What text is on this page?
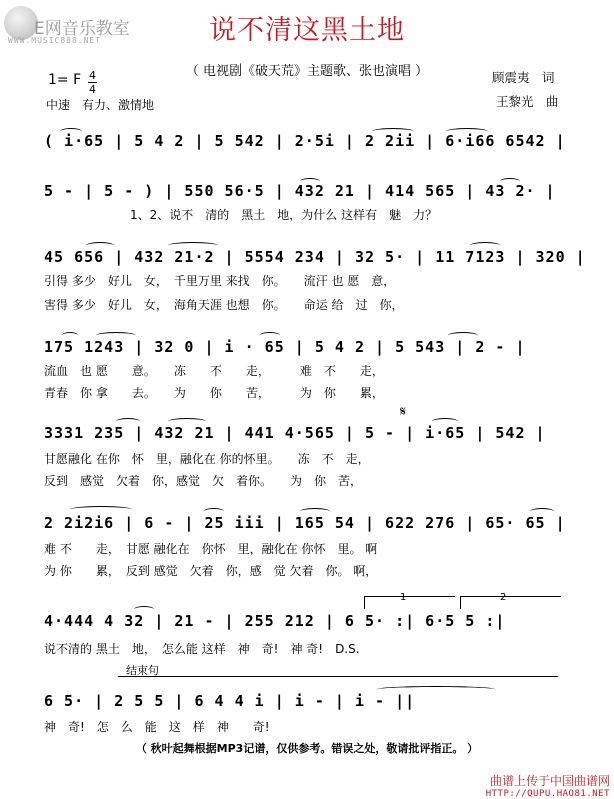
E网音乐教室
WWW.MUSIC888.NET	说不清这黑土地
（ 电视剧《破天荒》主题歌、张也演唱 ）	顾震夷　词
王黎光　曲
1= F 4
4
中速　有力、激情地
( i·65 | 5 4 2 | 5 542 | 2·5i | 2 2ii | 6·i66 6542 |
5 - | 5 - ) | 550 56·5 | 432 21 | 414 565 | 43 2· |
1、2、说不　清的　黑土　地，为什么 这样有　魅　力？
45 656 | 432 21·2 | 5554 234 | 32 5· | 11 7123 | 320 |
引得 多少　好儿　女，　千里万里 来找　你。　　流汗 也 愿　意，
害得 多少　好儿　女，　海角天涯 也想　你。　　命运 给　过　你，
175 1243 | 32 0 | i · 65 | 5 4 2 | 5 543 | 2 - |
流血　也 愿　　意。　　冻　　不　　走，　　　难　不　　走，
青春　你 拿　　去。　　为　　你　　苦，　　　为　你　　累，
𝄋
3331 235 | 432 21 | 441 4·565 | 5 - | i·65 | 542 |
甘愿融化 在你　怀　里，融化在 你的怀里。　　冻　不　走，
反到　感觉　欠着　你，感觉　欠　着你。　　为　你　苦，
2 2i2i6 | 6 - | 25 iii | 165 54 | 622 276 | 65· 65 |
难 不　　走，　甘愿 融化在　你怀　里，融化在 你怀　里。 啊
为 你　　累，　反到 感觉　欠着　你，感　觉 欠着　你。 啊，
1	2
4·444 4 32 | 21 - | 255 212 | 6 5· :| 6·5 5 :|
说不清的 黑土　地，　怎么能 这样　神　奇!　神 奇!　D.S.
结束句
6 5· | 2 5 5 | 6 4 4 i | i - | i - ||
神　奇!　怎　么　能　这　样　神　　奇!
（ 秋叶起舞根据MP3记谱，仅供参考。错误之处，敬请批评指正。 ）
曲谱上传于中国曲谱网
HTTP://QUPU.HAO81.NET
